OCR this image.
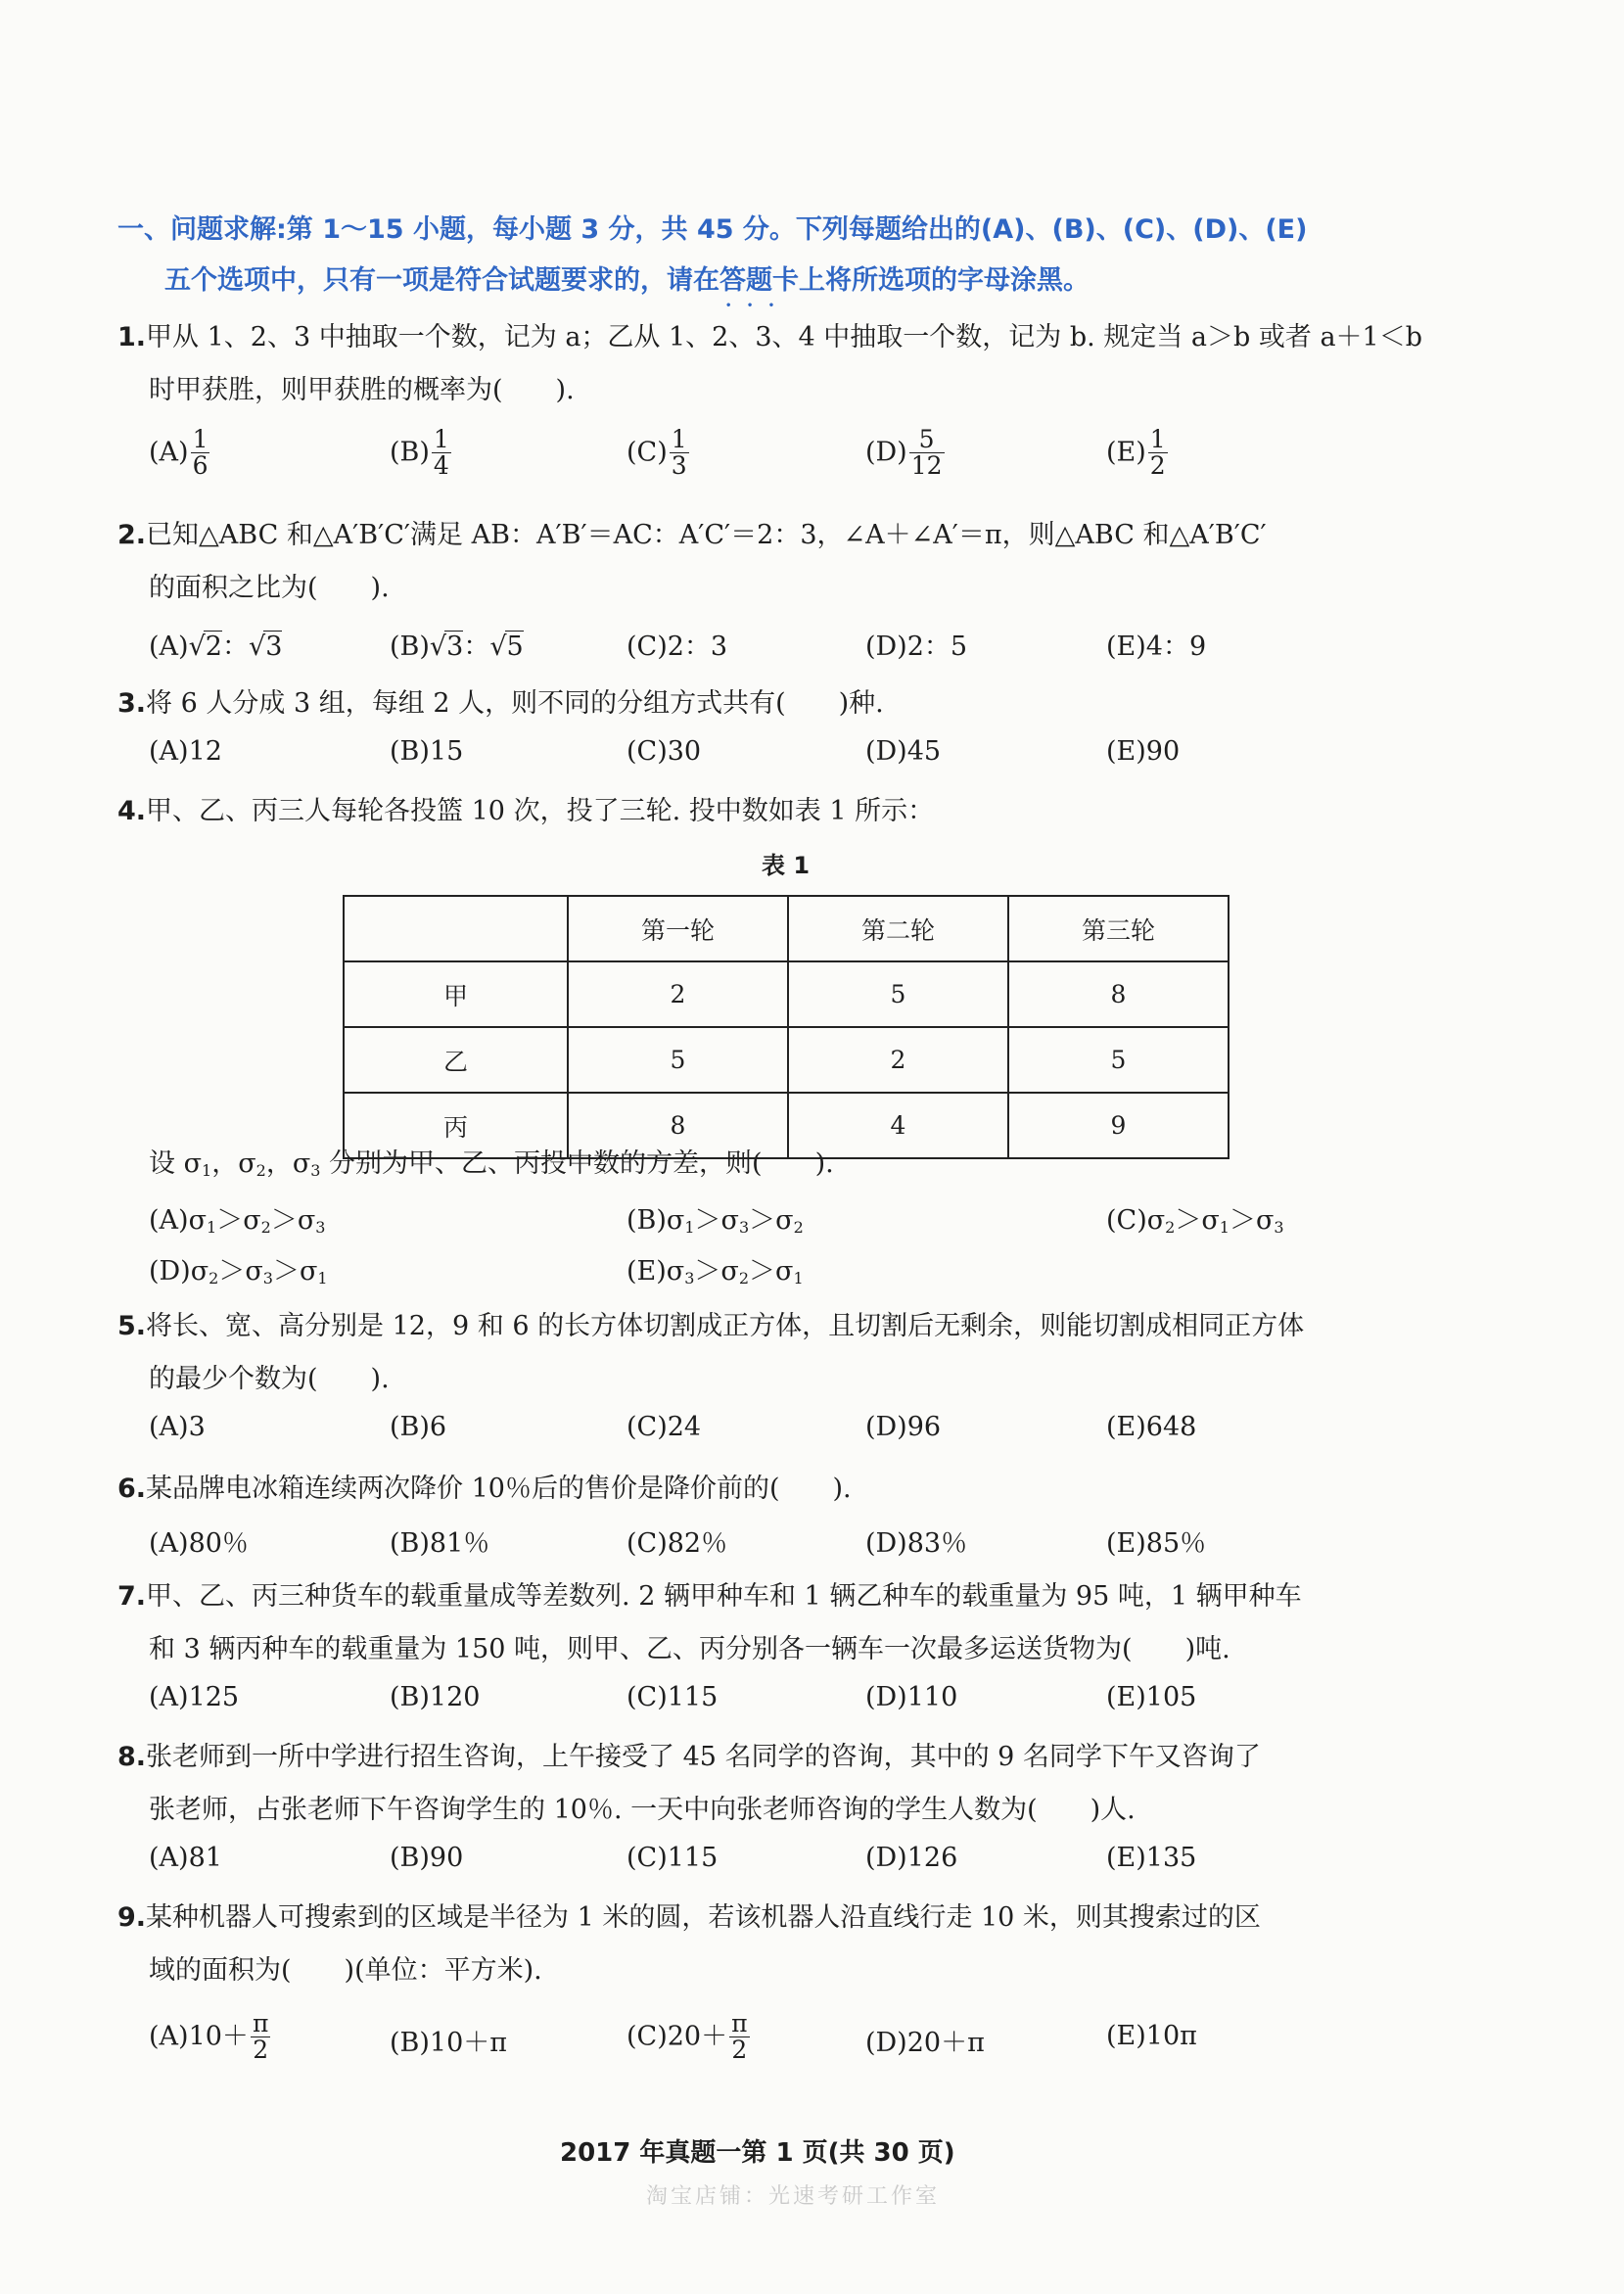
一、问题求解:第 1～15 小题，每小题 3 分，共 45 分。下列每题给出的(A)、(B)、(C)、(D)、(E)
五个选项中，只有一项是符合试题要求的，请在答题卡 • • •上将所选项的字母涂黑。
1.甲从 1、2、3 中抽取一个数，记为 a；乙从 1、2、3、4 中抽取一个数，记为 b. 规定当 a＞b 或者 a＋1＜b
时甲获胜，则甲获胜的概率为(　　).
$(A) \frac{1}{6}$	$(B) \frac{1}{4}$	$(C) \frac{1}{3}$	$(D) \frac{5}{12}$	$(E) \frac{1}{2}$
2.已知△ABC 和△A′B′C′满足 AB：A′B′＝AC：A′C′＝2：3，∠A＋∠A′＝π，则△ABC 和△A′B′C′
的面积之比为(　　).
(A)√2：√3	(B)√3：√5	(C)2：3	(D)2：5	(E)4：9
3.将 6 人分成 3 组，每组 2 人，则不同的分组方式共有(　　)种.
(A)12	(B)15	(C)30	(D)45	(E)90
4.甲、乙、丙三人每轮各投篮 10 次，投了三轮. 投中数如表 1 所示：
表 1
	第一轮	第二轮	第三轮
甲	2	5	8
乙	5	2	5
丙	8	4	9
设 $\sigma_1$，$\sigma_2$，$\sigma_3$ 分别为甲、乙、丙投中数的方差，则(　　).
$(A)\sigma_1>\sigma_2>\sigma_3$	$(B)\sigma_1>\sigma_3>\sigma_2$	$(C)\sigma_2>\sigma_1>\sigma_3$
$(D)\sigma_2>\sigma_3>\sigma_1$	$(E)\sigma_3>\sigma_2>\sigma_1$
5.将长、宽、高分别是 12，9 和 6 的长方体切割成正方体，且切割后无剩余，则能切割成相同正方体
的最少个数为(　　).
(A)3	(B)6	(C)24	(D)96	(E)648
6.某品牌电冰箱连续两次降价 10％后的售价是降价前的(　　).
(A)80％	(B)81％	(C)82％	(D)83％	(E)85％
7.甲、乙、丙三种货车的载重量成等差数列. 2 辆甲种车和 1 辆乙种车的载重量为 95 吨，1 辆甲种车
和 3 辆丙种车的载重量为 150 吨，则甲、乙、丙分别各一辆车一次最多运送货物为(　　)吨.
(A)125	(B)120	(C)115	(D)110	(E)105
8.张老师到一所中学进行招生咨询，上午接受了 45 名同学的咨询，其中的 9 名同学下午又咨询了
张老师，占张老师下午咨询学生的 10％. 一天中向张老师咨询的学生人数为(　　)人.
(A)81	(B)90	(C)115	(D)126	(E)135
9.某种机器人可搜索到的区域是半径为 1 米的圆，若该机器人沿直线行走 10 米，则其搜索过的区
域的面积为(　　)(单位：平方米).
$(A)10+ \frac{\pi}{2}$	(B)10＋π	$(C)20+ \frac{\pi}{2}$	(D)20＋π	(E)10π
2017 年真题一第 1 页(共 30 页)
淘宝店铺：光速考研工作室
